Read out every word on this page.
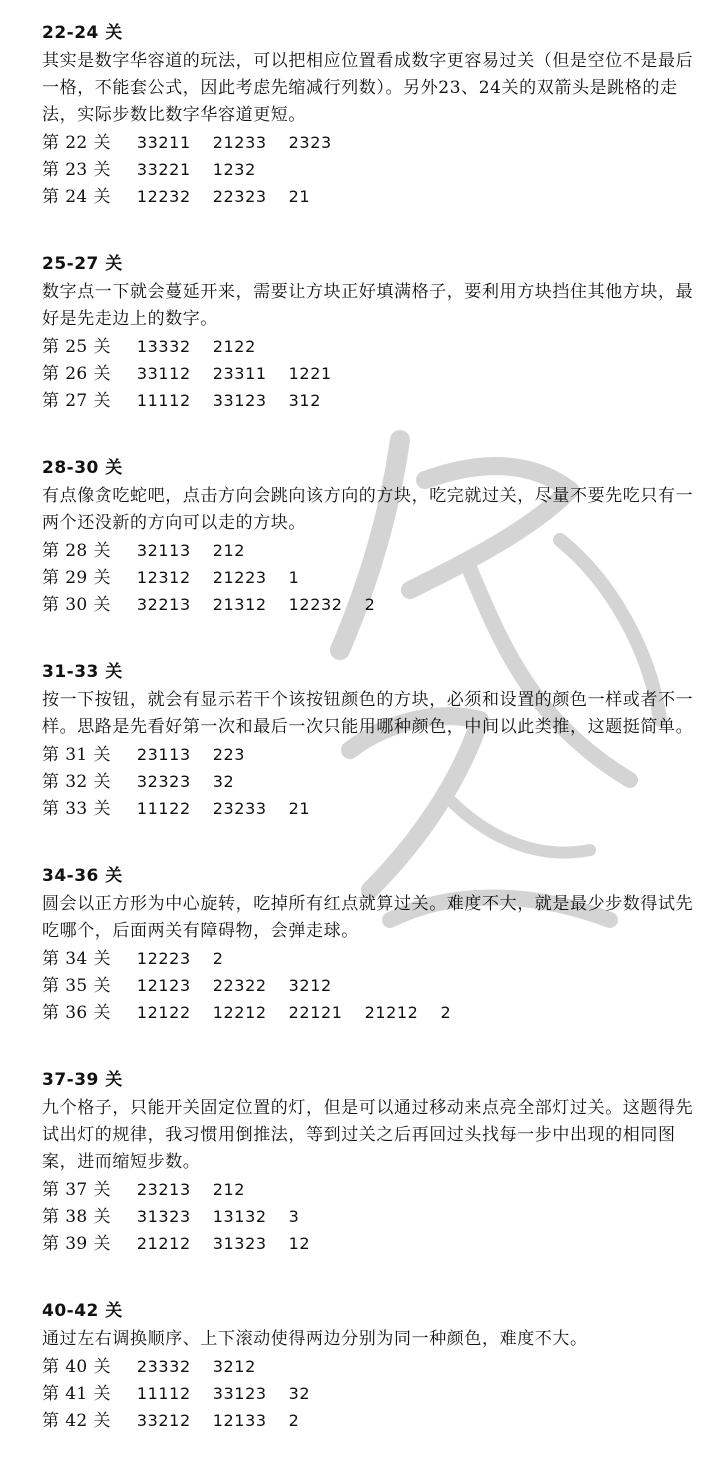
22-24 关
其实是数字华容道的玩法，可以把相应位置看成数字更容易过关（但是空位不是最后一格，不能套公式，因此考虑先缩减行列数）。另外23、24关的双箭头是跳格的走法，实际步数比数字华容道更短。
第 22 关 33211 21233 2323
第 23 关 33221 1232
第 24 关 12232 22323 21
25-27 关
数字点一下就会蔓延开来，需要让方块正好填满格子，要利用方块挡住其他方块，最好是先走边上的数字。
第 25 关 13332 2122
第 26 关 33112 23311 1221
第 27 关 11112 33123 312
28-30 关
有点像贪吃蛇吧，点击方向会跳向该方向的方块，吃完就过关，尽量不要先吃只有一两个还没新的方向可以走的方块。
第 28 关 32113 212
第 29 关 12312 21223 1
第 30 关 32213 21312 12232 2
31-33 关
按一下按钮，就会有显示若干个该按钮颜色的方块，必须和设置的颜色一样或者不一样。思路是先看好第一次和最后一次只能用哪种颜色，中间以此类推，这题挺简单。
第 31 关 23113 223
第 32 关 32323 32
第 33 关 11122 23233 21
34-36 关
圆会以正方形为中心旋转，吃掉所有红点就算过关。难度不大，就是最少步数得试先吃哪个，后面两关有障碍物，会弹走球。
第 34 关 12223 2
第 35 关 12123 22322 3212
第 36 关 12122 12212 22121 21212 2
37-39 关
九个格子，只能开关固定位置的灯，但是可以通过移动来点亮全部灯过关。这题得先试出灯的规律，我习惯用倒推法，等到过关之后再回过头找每一步中出现的相同图案，进而缩短步数。
第 37 关 23213 212
第 38 关 31323 13132 3
第 39 关 21212 31323 12
40-42 关
通过左右调换顺序、上下滚动使得两边分别为同一种颜色，难度不大。
第 40 关 23332 3212
第 41 关 11112 33123 32
第 42 关 33212 12133 2
